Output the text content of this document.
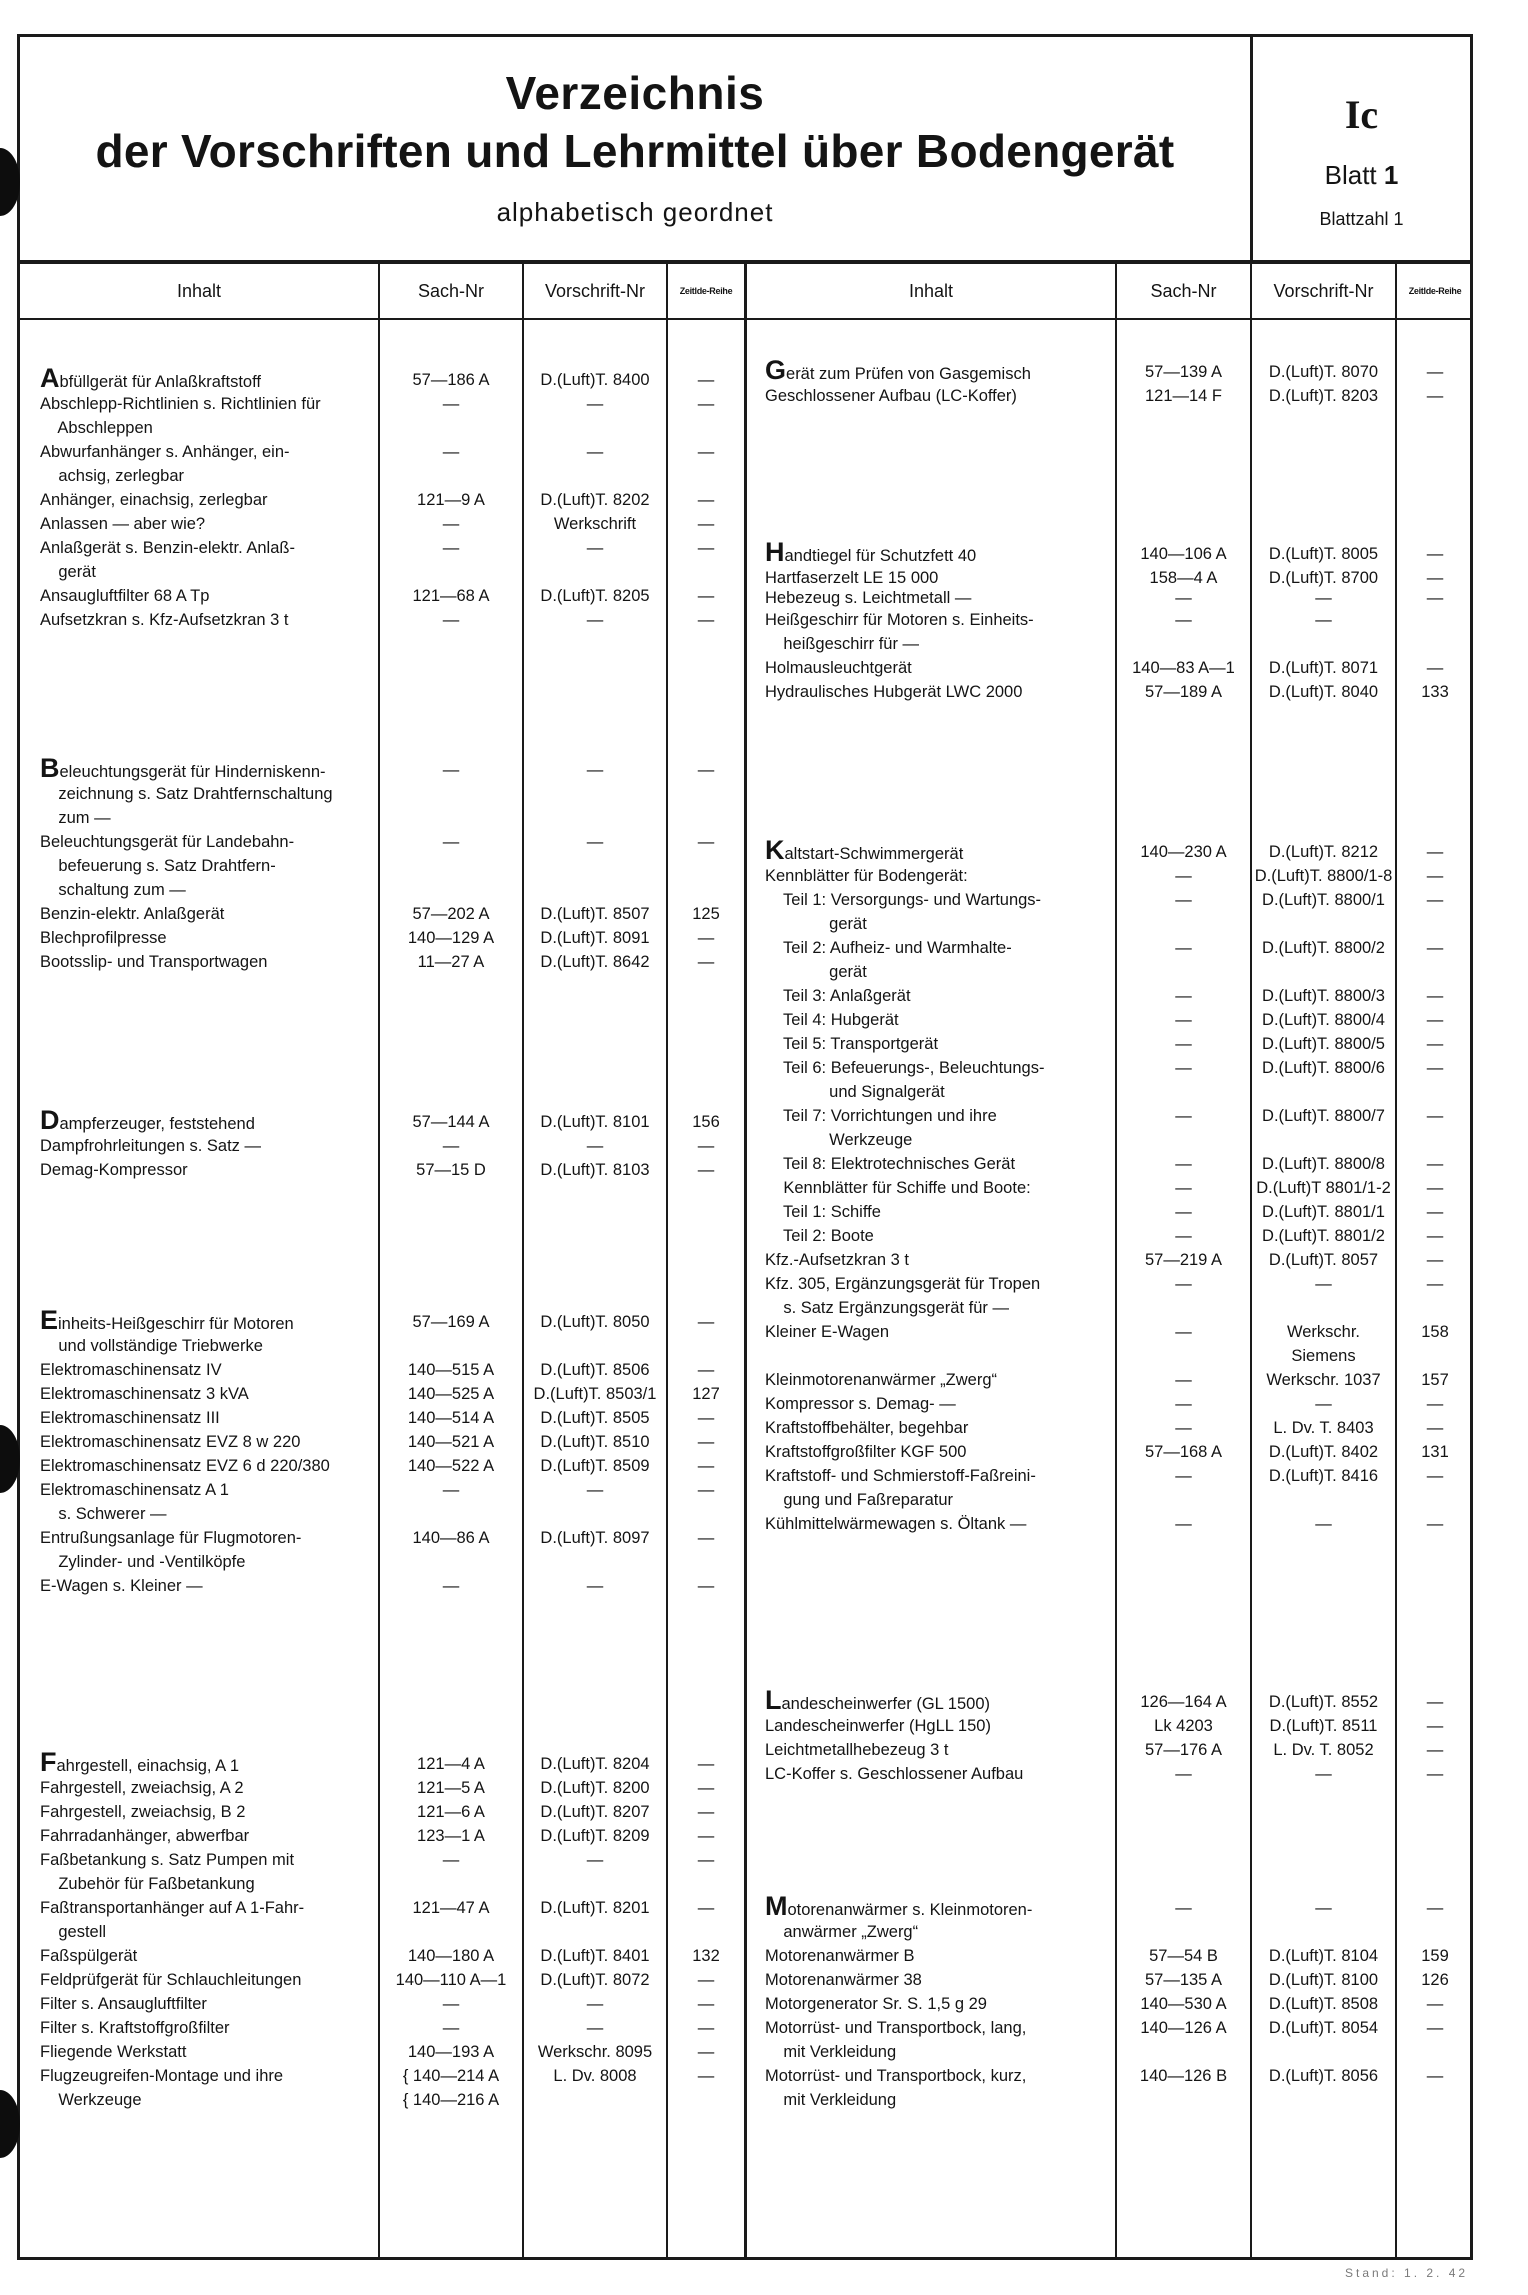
Verzeichnis
der Vorschriften und Lehrmittel über Bodengerät
alphabetisch geordnet
Ic
Blatt 1
Blattzahl 1
Inhalt	Sach-Nr	Vorschrift-Nr	Zeitlde-Reihe	Inhalt	Sach-Nr	Vorschrift-Nr	Zeitlde-Reihe
Abfüllgerät für Anlaßkraftstoff	57—186 A	D.(Luft)T. 8400	—
Abschlepp-Richtlinien s. Richtlinien für	—	—	—
Abschleppen
Abwurfanhänger s. Anhänger, ein-	—	—	—
achsig, zerlegbar
Anhänger, einachsig, zerlegbar	121—9 A	D.(Luft)T. 8202	—
Anlassen — aber wie?	—	Werkschrift	—
Anlaßgerät s. Benzin-elektr. Anlaß-	—	—	—
gerät
Ansaugluftfilter 68 A Tp	121—68 A	D.(Luft)T. 8205	—
Aufsetzkran s. Kfz-Aufsetzkran 3 t	—	—	—
Beleuchtungsgerät für Hinderniskenn-	—	—	—
zeichnung s. Satz Drahtfernschaltung
zum —
Beleuchtungsgerät für Landebahn-	—	—	—
befeuerung s. Satz Drahtfern-
schaltung zum —
Benzin-elektr. Anlaßgerät	57—202 A	D.(Luft)T. 8507	125
Blechprofilpresse	140—129 A	D.(Luft)T. 8091	—
Bootsslip- und Transportwagen	11—27 A	D.(Luft)T. 8642	—
Dampferzeuger, feststehend	57—144 A	D.(Luft)T. 8101	156
Dampfrohrleitungen s. Satz —	—	—	—
Demag-Kompressor	57—15 D	D.(Luft)T. 8103	—
Einheits-Heißgeschirr für Motoren	57—169 A	D.(Luft)T. 8050	—
und vollständige Triebwerke
Elektromaschinensatz IV	140—515 A	D.(Luft)T. 8506	—
Elektromaschinensatz 3 kVA	140—525 A	D.(Luft)T. 8503/1	127
Elektromaschinensatz III	140—514 A	D.(Luft)T. 8505	—
Elektromaschinensatz EVZ 8 w 220	140—521 A	D.(Luft)T. 8510	—
Elektromaschinensatz EVZ 6 d 220/380	140—522 A	D.(Luft)T. 8509	—
Elektromaschinensatz A 1	—	—	—
s. Schwerer —
Entrußungsanlage für Flugmotoren-	140—86 A	D.(Luft)T. 8097	—
Zylinder- und -Ventilköpfe
E-Wagen s. Kleiner —	—	—	—
Fahrgestell, einachsig, A 1	121—4 A	D.(Luft)T. 8204	—
Fahrgestell, zweiachsig, A 2	121—5 A	D.(Luft)T. 8200	—
Fahrgestell, zweiachsig, B 2	121—6 A	D.(Luft)T. 8207	—
Fahrradanhänger, abwerfbar	123—1 A	D.(Luft)T. 8209	—
Faßbetankung s. Satz Pumpen mit	—	—	—
Zubehör für Faßbetankung
Faßtransportanhänger auf A 1-Fahr-	121—47 A	D.(Luft)T. 8201	—
gestell
Faßspülgerät	140—180 A	D.(Luft)T. 8401	132
Feldprüfgerät für Schlauchleitungen	140—110 A—1	D.(Luft)T. 8072	—
Filter s. Ansaugluftfilter	—	—	—
Filter s. Kraftstoffgroßfilter	—	—	—
Fliegende Werkstatt	140—193 A	Werkschr. 8095	—
Flugzeugreifen-Montage und ihre	{ 140—214 A	L. Dv. 8008	—
Werkzeuge	{ 140—216 A
Gerät zum Prüfen von Gasgemisch	57—139 A	D.(Luft)T. 8070	—
Geschlossener Aufbau (LC-Koffer)	121—14 F	D.(Luft)T. 8203	—
Handtiegel für Schutzfett 40	140—106 A	D.(Luft)T. 8005	—
Hartfaserzelt LE 15 000	158—4 A	D.(Luft)T. 8700	—
Hebezeug s. Leichtmetall —	—	—	—
Heißgeschirr für Motoren s. Einheits-	—	—
heißgeschirr für —
Holmausleuchtgerät	140—83 A—1	D.(Luft)T. 8071	—
Hydraulisches Hubgerät LWC 2000	57—189 A	D.(Luft)T. 8040	133
Kaltstart-Schwimmergerät	140—230 A	D.(Luft)T. 8212	—
Kennblätter für Bodengerät:	—	D.(Luft)T. 8800/1-8	—
Teil 1: Versorgungs- und Wartungs-	—	D.(Luft)T. 8800/1	—
gerät
Teil 2: Aufheiz- und Warmhalte-	—	D.(Luft)T. 8800/2	—
gerät
Teil 3: Anlaßgerät	—	D.(Luft)T. 8800/3	—
Teil 4: Hubgerät	—	D.(Luft)T. 8800/4	—
Teil 5: Transportgerät	—	D.(Luft)T. 8800/5	—
Teil 6: Befeuerungs-, Beleuchtungs-	—	D.(Luft)T. 8800/6	—
und Signalgerät
Teil 7: Vorrichtungen und ihre	—	D.(Luft)T. 8800/7	—
Werkzeuge
Teil 8: Elektrotechnisches Gerät	—	D.(Luft)T. 8800/8	—
Kennblätter für Schiffe und Boote:	—	D.(Luft)T 8801/1-2	—
Teil 1: Schiffe	—	D.(Luft)T. 8801/1	—
Teil 2: Boote	—	D.(Luft)T. 8801/2	—
Kfz.-Aufsetzkran 3 t	57—219 A	D.(Luft)T. 8057	—
Kfz. 305, Ergänzungsgerät für Tropen	—	—	—
s. Satz Ergänzungsgerät für —
Kleiner E-Wagen	—	Werkschr.	158
Siemens
Kleinmotorenanwärmer „Zwerg“	—	Werkschr. 1037	157
Kompressor s. Demag- —	—	—	—
Kraftstoffbehälter, begehbar	—	L. Dv. T. 8403	—
Kraftstoffgroßfilter KGF 500	57—168 A	D.(Luft)T. 8402	131
Kraftstoff- und Schmierstoff-Faßreini-	—	D.(Luft)T. 8416	—
gung und Faßreparatur
Kühlmittelwärmewagen s. Öltank —	—	—	—
Landescheinwerfer (GL 1500)	126—164 A	D.(Luft)T. 8552	—
Landescheinwerfer (HgLL 150)	Lk 4203	D.(Luft)T. 8511	—
Leichtmetallhebezeug 3 t	57—176 A	L. Dv. T. 8052	—
LC-Koffer s. Geschlossener Aufbau	—	—	—
Motorenanwärmer s. Kleinmotoren-	—	—	—
anwärmer „Zwerg“
Motorenanwärmer B	57—54 B	D.(Luft)T. 8104	159
Motorenanwärmer 38	57—135 A	D.(Luft)T. 8100	126
Motorgenerator Sr. S. 1,5 g 29	140—530 A	D.(Luft)T. 8508	—
Motorrüst- und Transportbock, lang,	140—126 A	D.(Luft)T. 8054	—
mit Verkleidung
Motorrüst- und Transportbock, kurz,	140—126 B	D.(Luft)T. 8056	—
mit Verkleidung
Stand: 1. 2. 42
